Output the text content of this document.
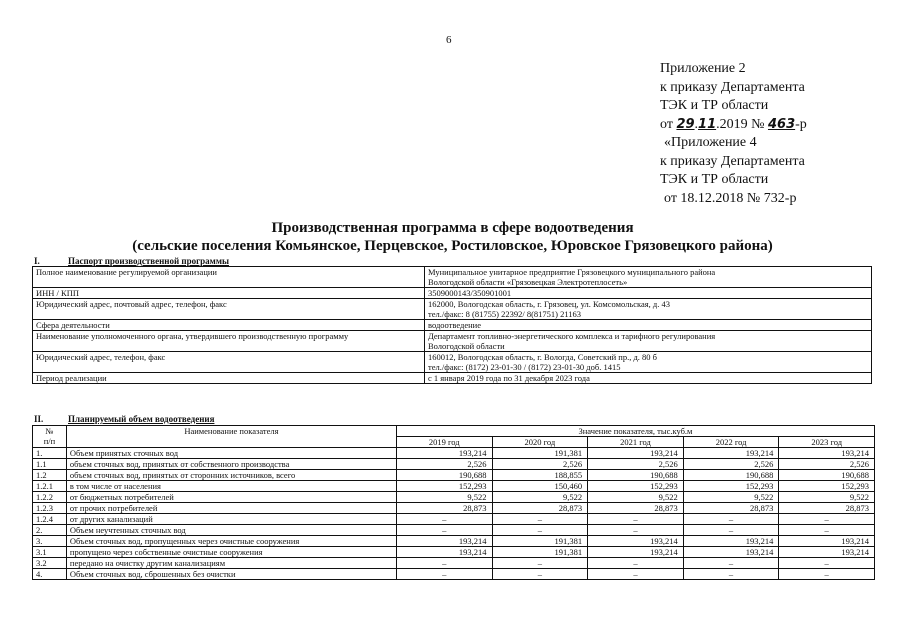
6
Приложение 2
к приказу Департамента
ТЭК и ТР области
от 29.11.2019 № 463-р
«Приложение 4
к приказу Департамента
ТЭК и ТР области
от 18.12.2018 № 732-р
Производственная программа в сфере водоотведения
(сельские поселения Комьянское, Перцевское, Ростиловское, Юровское Грязовецкого района)
I.	Паспорт производственной программы
Полное наименование регулируемой организации	Муниципальное унитарное предприятие Грязовецкого муниципального района
Вологодской области «Грязовецкая Электротеплосеть»

ИНН / КПП	3509000143/350901001

Юридический адрес, почтовый адрес, телефон, факс	162000, Вологодская область, г. Грязовец, ул. Комсомольская, д. 43
тел./факс: 8 (81755) 22392/ 8(81751) 21163

Сфера деятельности	водоотведение

Наименование уполномоченного органа, утвердившего производственную программу	Департамент топливно-энергетического комплекса и тарифного регулирования
Вологодской области

Юридический адрес, телефон, факс	160012, Вологодская область, г. Вологда, Советский пр., д. 80 б
тел./факс: (8172) 23-01-30 / (8172) 23-01-30 доб. 1415

Период реализации	с 1 января 2019 года по 31 декабря 2023 года
II.	Планируемый объем водоотведения
№
п/п	Наименование показателя	Значение показателя, тыс.куб.м				
		2019 год	2020 год	2021 год	2022 год	2023 год
1.	Объем принятых сточных вод	193,214	191,381	193,214	193,214	193,214
1.1	объем сточных вод, принятых от собственного производства	2,526	2,526	2,526	2,526	2,526
1.2	объем сточных вод, принятых от сторонних источников, всего	190,688	188,855	190,688	190,688	190,688
1.2.1	в том числе от населения	152,293	150,460	152,293	152,293	152,293
1.2.2	от бюджетных потребителей	9,522	9,522	9,522	9,522	9,522
1.2.3	от прочих потребителей	28,873	28,873	28,873	28,873	28,873
1.2.4	от других канализаций	–	–	–	–	–
2.	Объем неучтенных сточных вод	–	–	–	–	–
3.	Объем сточных вод, пропущенных через очистные сооружения	193,214	191,381	193,214	193,214	193,214
3.1	пропущено через собственные очистные сооружения	193,214	191,381	193,214	193,214	193,214
3.2	передано на очистку другим канализациям	–	–	–	–	–
4.	Объем сточных вод, сброшенных без очистки	–	–	–	–	–
